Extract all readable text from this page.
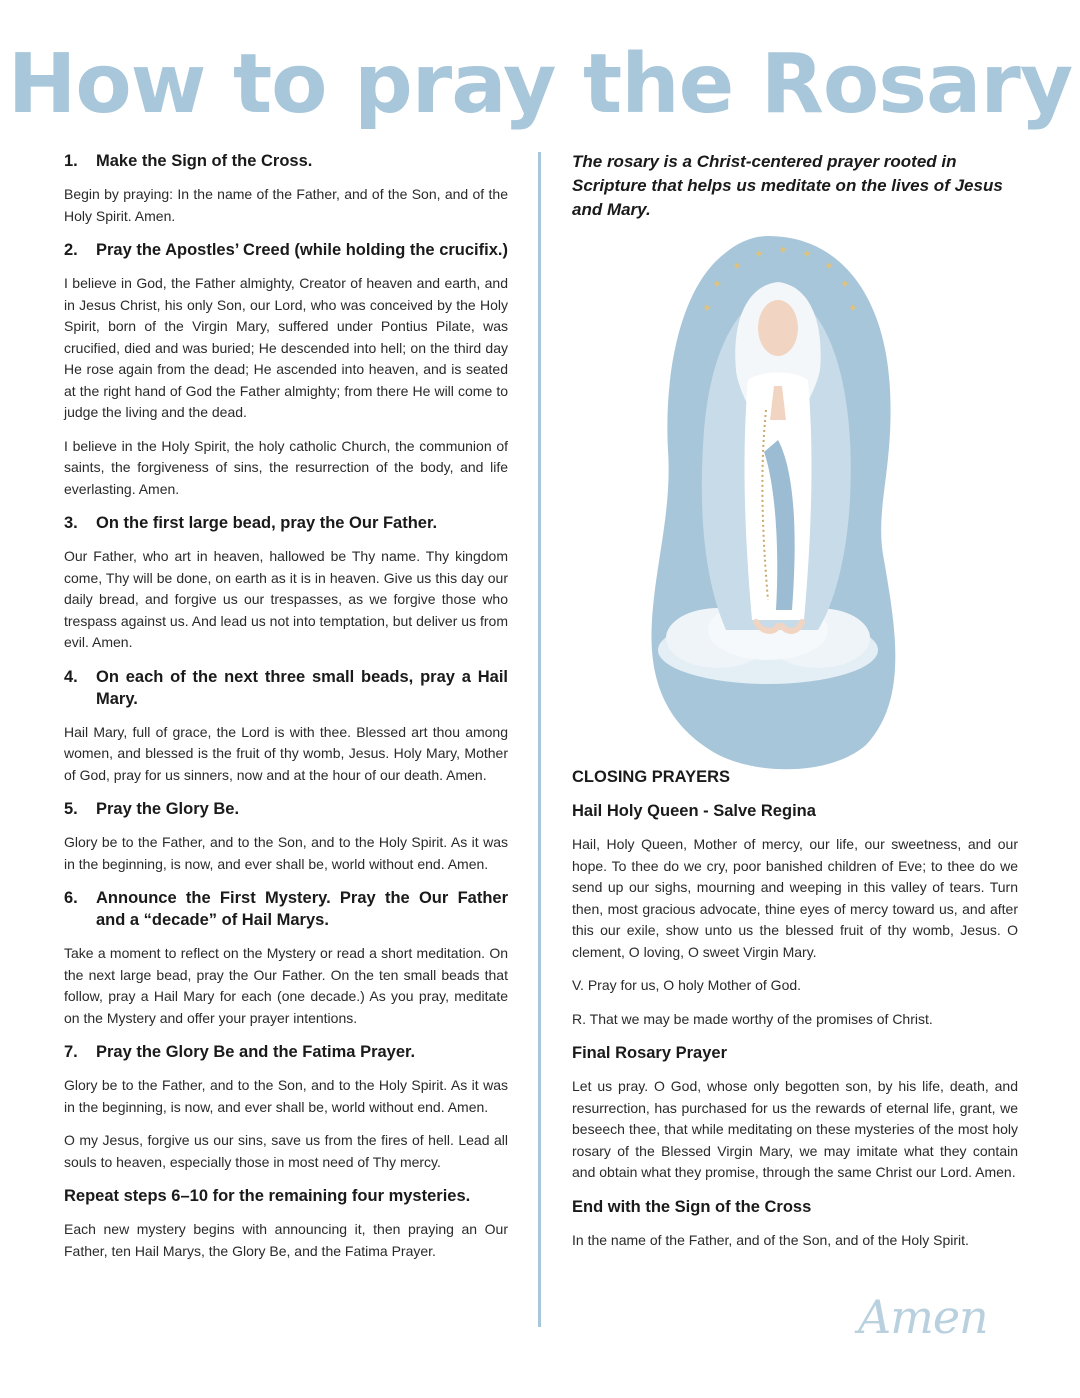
How to pray the Rosary
1.	Make the Sign of the Cross.

Begin by praying: In the name of the Father, and of the Son, and of the Holy Spirit. Amen.

2.	Pray the Apostles’ Creed (while holding the crucifix.)

I believe in God, the Father almighty, Creator of heaven and earth, and in Jesus Christ, his only Son, our Lord, who was conceived by the Holy Spirit, born of the Virgin Mary, suffered under Pontius Pilate, was crucified, died and was buried; He descended into hell; on the third day He rose again from the dead; He ascended into heaven, and is seated at the right hand of God the Father almighty; from there He will come to judge the living and the dead.

I believe in the Holy Spirit, the holy catholic Church, the communion of saints, the forgiveness of sins, the resurrection of the body, and life everlasting. Amen.

3.	On the first large bead, pray the Our Father.

Our Father, who art in heaven, hallowed be Thy name. Thy kingdom come, Thy will be done, on earth as it is in heaven. Give us this day our daily bread, and forgive us our trespasses, as we forgive those who trespass against us. And lead us not into temptation, but deliver us from evil. Amen.

4.	On each of the next three small beads, pray a Hail Mary.

Hail Mary, full of grace, the Lord is with thee. Blessed art thou among women, and blessed is the fruit of thy womb, Jesus. Holy Mary, Mother of God, pray for us sinners, now and at the hour of our death. Amen.

5.	Pray the Glory Be.

Glory be to the Father, and to the Son, and to the Holy Spirit. As it was in the beginning, is now, and ever shall be, world without end. Amen.

6.	Announce the First Mystery. Pray the Our Father and a “decade” of Hail Marys.

Take a moment to reflect on the Mystery or read a short meditation. On the next large bead, pray the Our Father. On the ten small beads that follow, pray a Hail Mary for each (one decade.) As you pray, meditate on the Mystery and offer your prayer intentions.

7.	Pray the Glory Be and the Fatima Prayer.

Glory be to the Father, and to the Son, and to the Holy Spirit. As it was in the beginning, is now, and ever shall be, world without end. Amen.

O my Jesus, forgive us our sins, save us from the fires of hell. Lead all souls to heaven, especially those in most need of Thy mercy.

Repeat steps 6–10 for the remaining four mysteries.

Each new mystery begins with announcing it, then praying an Our Father, ten Hail Marys, the Glory Be, and the Fatima Prayer.

The rosary is a Christ-centered prayer rooted in Scripture that helps us meditate on the lives of Jesus and Mary.

✦
✦ ✦ ✦
✦
✦	✦
✦	✦
CLOSING PRAYERS
Hail Holy Queen - Salve Regina

Hail, Holy Queen, Mother of mercy, our life, our sweetness, and our hope. To thee do we cry, poor banished children of Eve; to thee do we send up our sighs, mourning and weeping in this valley of tears. Turn then, most gracious advocate, thine eyes of mercy toward us, and after this our exile, show unto us the blessed fruit of thy womb, Jesus. O clement, O loving, O sweet Virgin Mary.

V. Pray for us, O holy Mother of God.

R. That we may be made worthy of the promises of Christ.

Final Rosary Prayer

Let us pray. O God, whose only begotten son, by his life, death, and resurrection, has purchased for us the rewards of eternal life, grant, we beseech thee, that while meditating on these mysteries of the most holy rosary of the Blessed Virgin Mary, we may imitate what they contain and obtain what they promise, through the same Christ our Lord. Amen.

End with the Sign of the Cross

In the name of the Father, and of the Son, and of the Holy Spirit.

Amen
